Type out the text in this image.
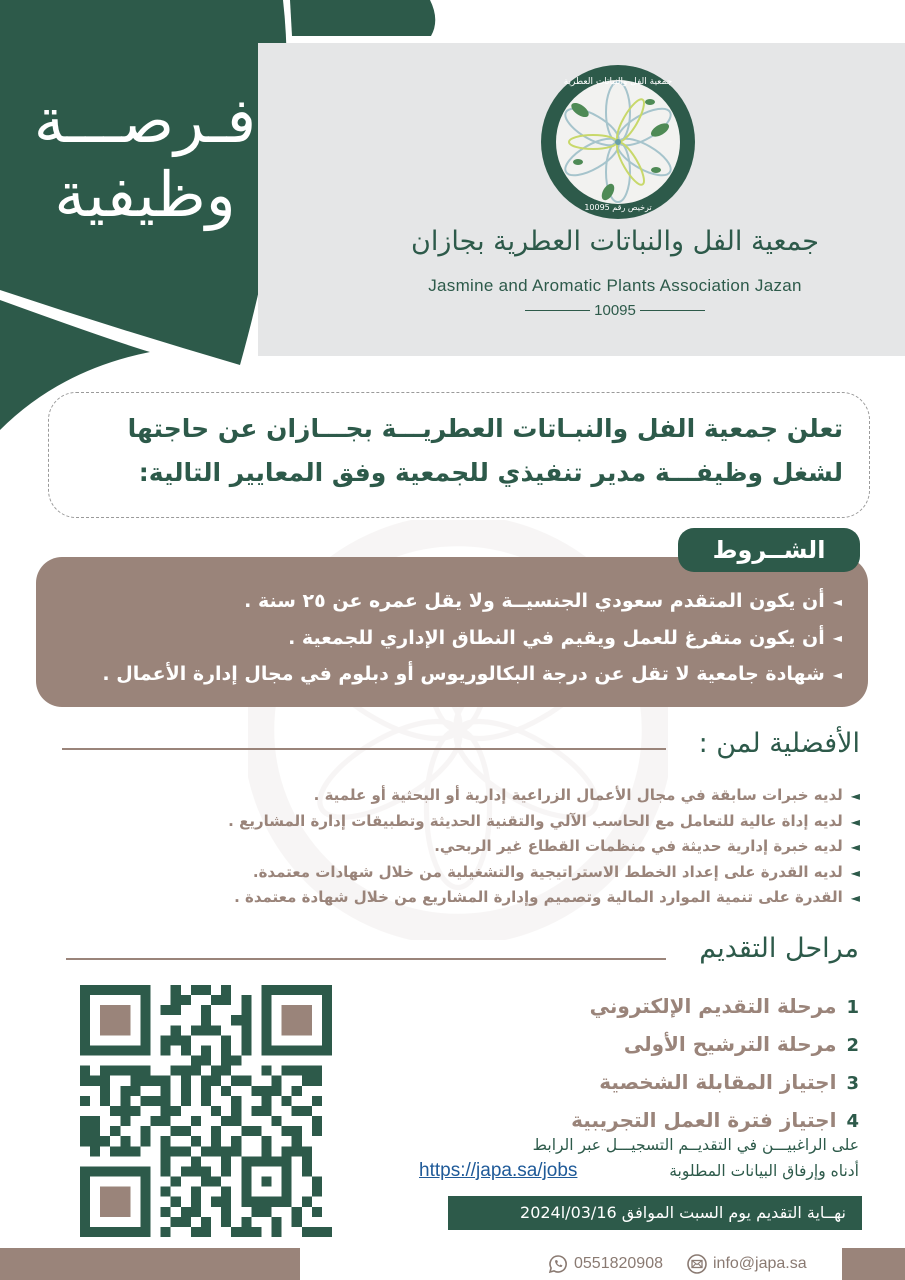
فـرصـــة
وظيفية
جمعية الفل والنباتات العطرية
ترخيص رقم 10095
جمعية الفل والنباتات العطرية بجازان
Jasmine and Aromatic Plants Association Jazan
10095

تعلن جمعية الفل والنبـاتات العطريـــة بجـــازان عن حاجتها

لشغل وظيفـــة مدير تنفيذي للجمعية وفق المعايير التالية:

الشــروط
◄أن يكون المتقدم سعودي الجنسيــة ولا يقل عمره عن ٢٥ سنة .
◄أن يكون متفرغ للعمل ويقيم في النطاق الإداري للجمعية .
◄شهادة جامعية لا تقل عن درجة البكالوريوس أو دبلوم في مجال إدارة الأعمال .
الأفضلية لمن :
◄لديه خبرات سابقة في مجال الأعمال الزراعية إدارية أو البحثية أو علمية .
◄لديه إداة عالية للتعامل مع الحاسب الآلي والتقنية الحديثة وتطبيقات إدارة المشاريع .
◄لديه خبرة إدارية حديثة في منظمات القطاع غير الربحي.
◄لديه القدرة على إعداد الخطط الاستراتيجية والتشغيلية من خلال شهادات معتمدة.
◄القدرة على تنمية الموارد المالية وتصميم وإدارة المشاريع من خلال شهادة معتمدة .
مراحل التقديم
1مرحلة التقديم الإلكتروني
2مرحلة الترشيح الأولى
3اجتياز المقابلة الشخصية
4اجتياز فترة العمل التجريبية
على الراغبيـــن في التقديــم التسجيـــل عبر الرابط
أدناه وإرفاق البيانات المطلوبة
https://japa.sa/jobs
نهــاية التقديم يوم السبت الموافق 2024l/03/16
0551820908	info@japa.sa
